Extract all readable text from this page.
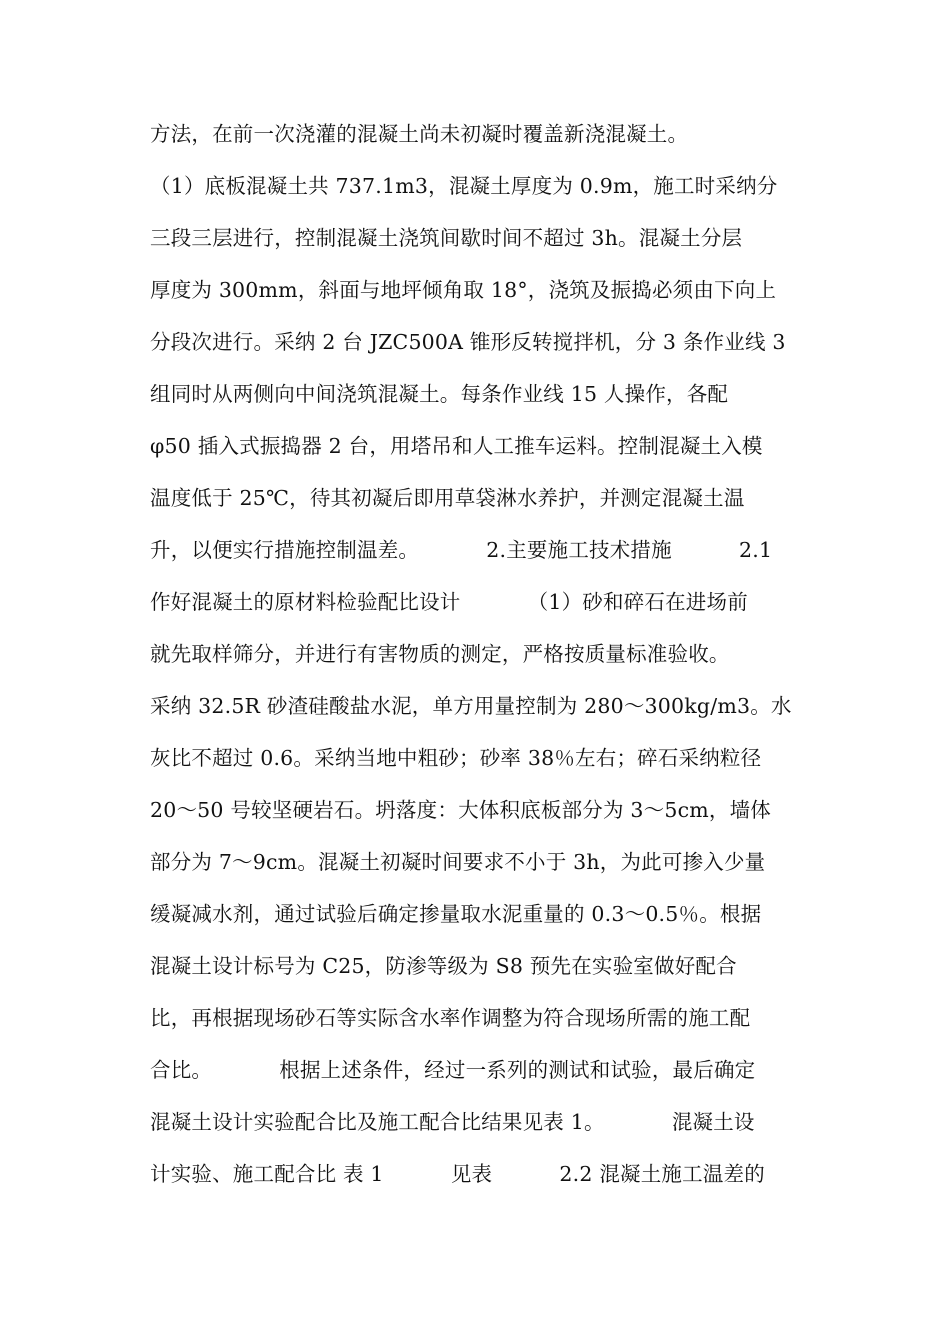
方法，在前一次浇灌的混凝土尚未初凝时覆盖新浇混凝土。
（1）底板混凝土共 737.1m3，混凝土厚度为 0.9m，施工时采纳分
三段三层进行，控制混凝土浇筑间歇时间不超过 3h。混凝土分层
厚度为 300mm，斜面与地坪倾角取 18°，浇筑及振捣必须由下向上
分段次进行。采纳 2 台 JZC500A 锥形反转搅拌机，分 3 条作业线 3
组同时从两侧向中间浇筑混凝土。每条作业线 15 人操作，各配
φ50 插入式振捣器 2 台，用塔吊和人工推车运料。控制混凝土入模
温度低于 25℃，待其初凝后即用草袋淋水养护，并测定混凝土温
升，以便实行措施控制温差。          2.主要施工技术措施          2.1
作好混凝土的原材料检验配比设计          （1）砂和碎石在进场前
就先取样筛分，并进行有害物质的测定，严格按质量标准验收。
采纳 32.5R 砂渣硅酸盐水泥，单方用量控制为 280～300kg/m3。水
灰比不超过 0.6。采纳当地中粗砂；砂率 38％左右；碎石采纳粒径
20～50 号较坚硬岩石。坍落度：大体积底板部分为 3～5cm，墙体
部分为 7～9cm。混凝土初凝时间要求不小于 3h，为此可掺入少量
缓凝减水剂，通过试验后确定掺量取水泥重量的 0.3～0.5％。根据
混凝土设计标号为 C25，防渗等级为 S8 预先在实验室做好配合
比，再根据现场砂石等实际含水率作调整为符合现场所需的施工配
合比。          根据上述条件，经过一系列的测试和试验，最后确定
混凝土设计实验配合比及施工配合比结果见表 1。          混凝土设
计实验、施工配合比 表 1          见表          2.2 混凝土施工温差的
